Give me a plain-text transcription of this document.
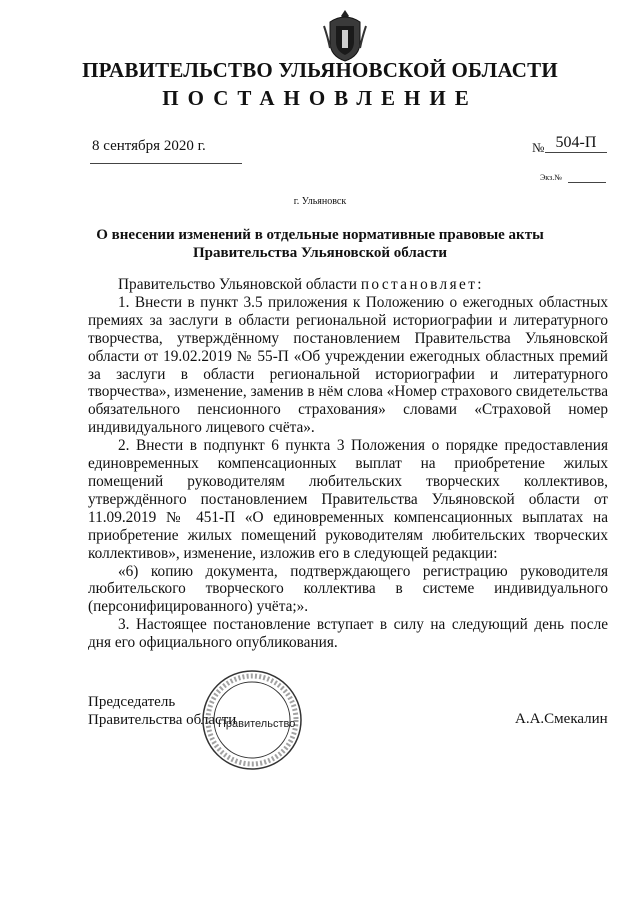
ПРАВИТЕЛЬСТВО УЛЬЯНОВСКОЙ ОБЛАСТИ
ПОСТАНОВЛЕНИЕ
8 сентября 2020 г.	№ 504-П
Экз.№
г. Ульяновск
О внесении изменений в отдельные нормативные правовые акты
Правительства Ульяновской области

Правительство Ульяновской области постановляет:

1. Внести в пункт 3.5 приложения к Положению о ежегодных областных премиях за заслуги в области региональной историографии и литературного творчества, утверждённому постановлением Правительства Ульяновской области от 19.02.2019 № 55-П «Об учреждении ежегодных областных премий за заслуги в области региональной историографии и литературного творчества», изменение, заменив в нём слова «Номер страхового свидетельства обязательного пенсионного страхования» словами «Страховой номер индивидуального лицевого счёта».

2. Внести в подпункт 6 пункта 3 Положения о порядке предоставления единовременных компенсационных выплат на приобретение жилых помещений руководителям любительских творческих коллективов, утверждённого постановлением Правительства Ульяновской области от 11.09.2019 № 451-П «О единовременных компенсационных выплатах на приобретение жилых помещений руководителям любительских творческих коллективов», изменение, изложив его в следующей редакции:

«6) копию документа, подтверждающего регистрацию руководителя любительского творческого коллектива в системе индивидуального (персонифицированного) учёта;».

3. Настоящее постановление вступает в силу на следующий день после дня его официального опубликования.

Председатель
Правительства области
Правительство	А.А.Смекалин
